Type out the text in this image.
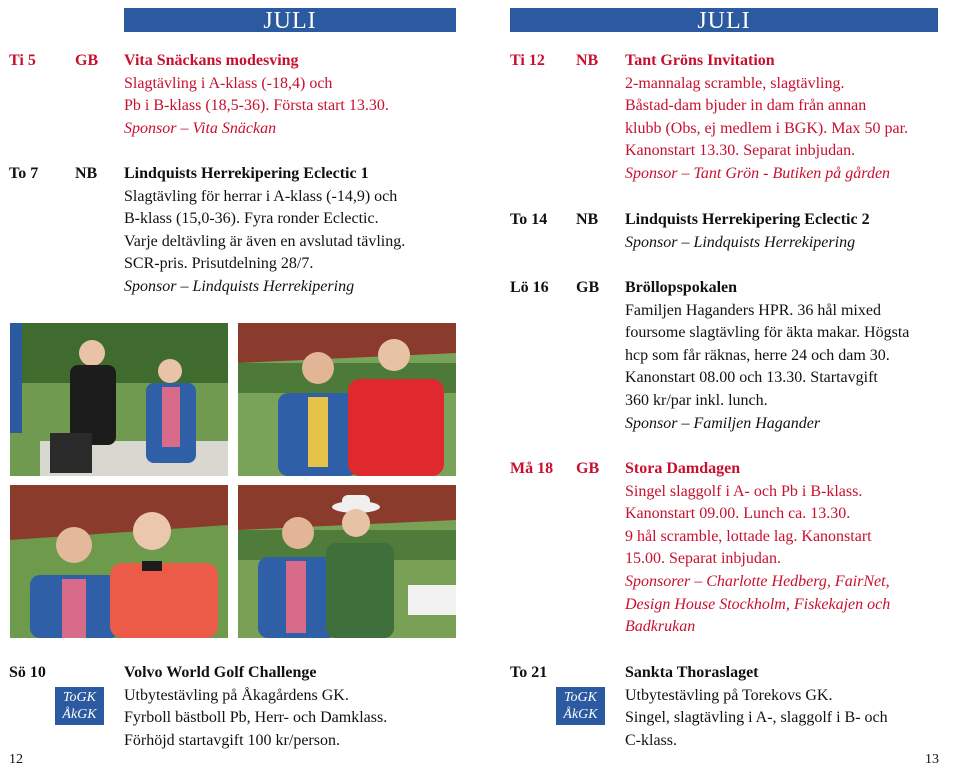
JULI
Ti 5 GB Vita Snäckans modesving

Slagtävling i A-klass (-18,4) och

Pb i B-klass (18,5-36). Första start 13.30.

Sponsor – Vita Snäckan

To 7 NB Lindquists Herrekipering Eclectic 1

Slagtävling för herrar i A-klass (-14,9) och

B-klass (15,0-36). Fyra ronder Eclectic.

Varje deltävling är även en avslutad tävling.

SCR-pris. Prisutdelning 28/7.

Sponsor – Lindquists Herrekipering

Sö 10	Volvo World Golf Challenge

Utbytestävling på Åkagårdens GK.

Fyrboll bästboll Pb, Herr- och Damklass.

Förhöjd startavgift 100 kr/person.

ToGK
ÅkGK
12
JULI
Ti 12 NB Tant Gröns Invitation

2-mannalag scramble, slagtävling.

Båstad-dam bjuder in dam från annan

klubb (Obs, ej medlem i BGK). Max 50 par.

Kanonstart 13.30. Separat inbjudan.

Sponsor – Tant Grön - Butiken på gården

To 14 NB Lindquists Herrekipering Eclectic 2

Sponsor – Lindquists Herrekipering

Lö 16 GB Bröllopspokalen

Familjen Haganders HPR. 36 hål mixed

foursome slagtävling för äkta makar. Högsta

hcp som får räknas, herre 24 och dam 30.

Kanonstart 08.00 och 13.30. Startavgift

360 kr/par inkl. lunch.

Sponsor – Familjen Hagander

Må 18 GB Stora Damdagen

Singel slaggolf i A- och Pb i B-klass.

Kanonstart 09.00. Lunch ca. 13.30.

9 hål scramble, lottade lag. Kanonstart

15.00. Separat inbjudan.

Sponsorer – Charlotte Hedberg, FairNet,

Design House Stockholm, Fiskekajen och

Badkrukan

To 21	Sankta Thoraslaget

Utbytestävling på Torekovs GK.

Singel, slagtävling i A-, slaggolf i B- och

C-klass.

ToGK
ÅkGK
13
